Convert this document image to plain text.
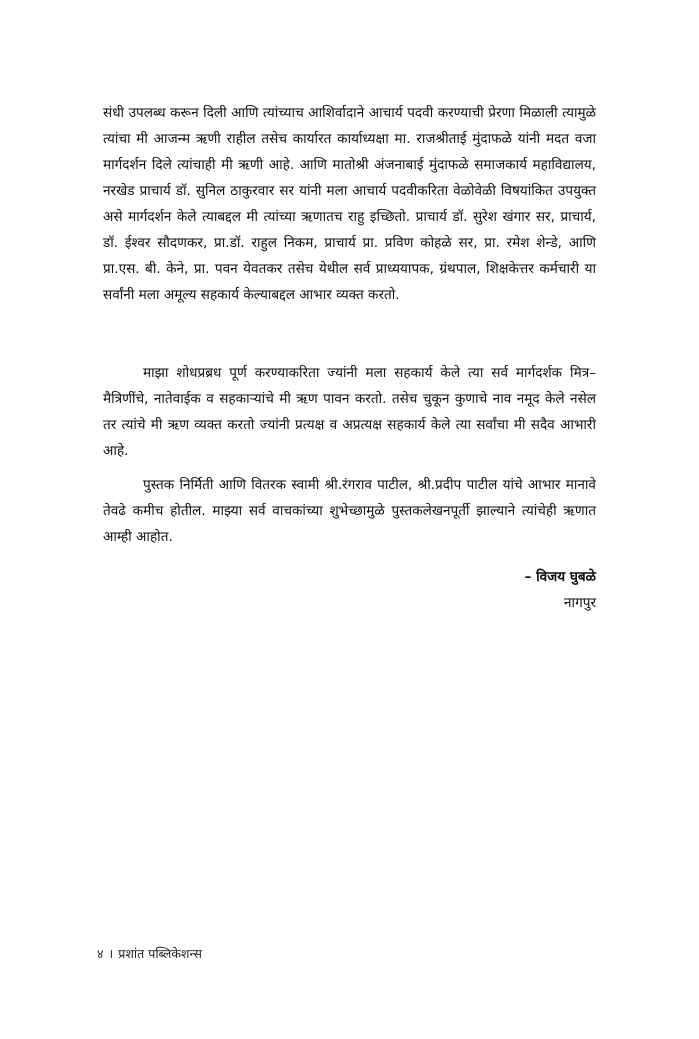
संधी उपलब्ध करून दिली आणि त्यांच्याच आशिर्वादाने आचार्य पदवी करण्याची प्रेरणा मिळाली त्यामुळे त्यांचा मी आजन्म ऋणी राहील तसेच कार्यारत कार्याध्यक्षा मा. राजश्रीताई मुंदाफळे यांनी मदत वजा मार्गदर्शन दिले त्यांचाही मी ऋणी आहे. आणि मातोश्री अंजनाबाई मुंदाफळे समाजकार्य महाविद्यालय, नरखेड प्राचार्य डॉ. सुनिल ठाकुरवार सर यांनी मला आचार्य पदवीकरिता वेळोवेळी विषयांकित उपयुक्त असे मार्गदर्शन केले त्याबद्दल मी त्यांच्या ऋणातच राहु इच्छितो. प्राचार्य डॉ. सुरेश खंगार सर, प्राचार्य, डॉ. ईश्वर सौदणकर, प्रा.डॉ. राहुल निकम, प्राचार्य प्रा. प्रविण कोहळे सर, प्रा. रमेश शेन्डे, आणि प्रा.एस. बी. केने, प्रा. पवन येवतकर तसेच येथील सर्व प्राध्ययापक, ग्रंथपाल, शिक्षकेत्तर कर्मचारी या सर्वांनी मला अमूल्य सहकार्य केल्याबद्दल आभार व्यक्त करतो.

माझा शोधप्रब्रध पूर्ण करण्याकरिता ज्यांनी मला सहकार्य केले त्या सर्व मार्गदर्शक मित्र–मैत्रिणींचे, नातेवाईक व सहकाऱ्यांचे मी ऋण पावन करतो. तसेच चुकून कुणाचे नाव नमूद केले नसेल तर त्यांचे मी ऋण व्यक्त करतो ज्यांनी प्रत्यक्ष व अप्रत्यक्ष सहकार्य केले त्या सर्वांचा मी सदैव आभारी आहे.

पुस्तक निर्मिती आणि वितरक स्वामी श्री.रंगराव पाटील, श्री.प्रदीप पाटील यांचे आभार मानावे तेवढे कमीच होतील. माझ्या सर्व वाचकांच्या शुभेच्छामुळे पुस्तकलेखनपूर्ती झाल्याने त्यांचेही ऋणात आम्ही आहोत.

– विजय घुबळे
नागपुर
४ । प्रशांत पब्लिकेशन्स
